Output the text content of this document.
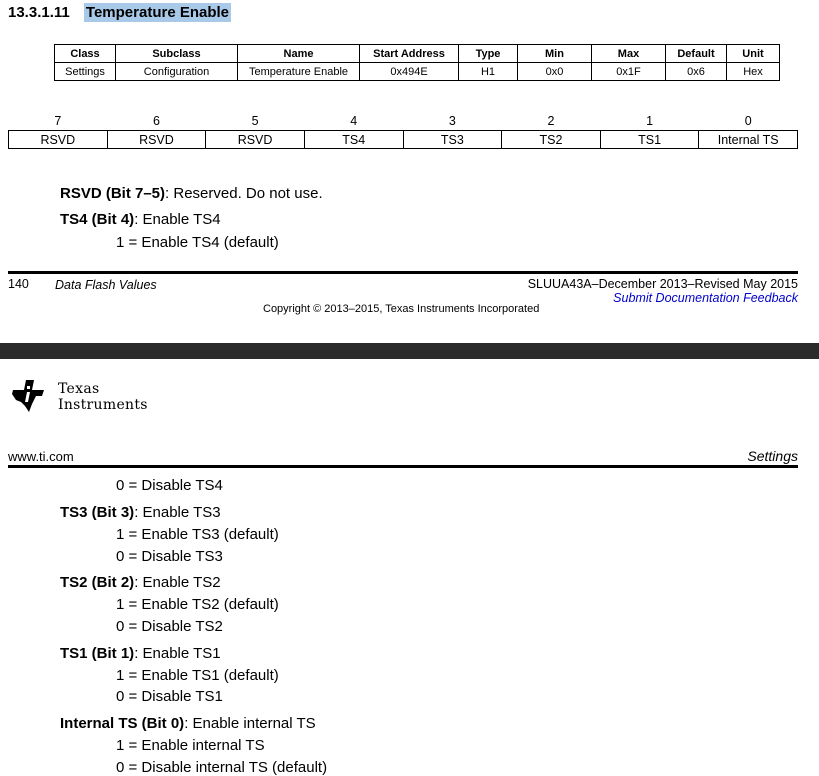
13.3.1.11 Temperature Enable
Class	Subclass	Name	Start Address	Type	Min	Max	Default	Unit
Settings	Configuration	Temperature Enable	0x494E	H1	0x0	0x1F	0x6	Hex
7	6	5	4	3	2	1	0
RSVD	RSVD	RSVD	TS4	TS3	TS2	TS1	Internal TS
RSVD (Bit 7–5): Reserved. Do not use.
TS4 (Bit 4): Enable TS4
1 = Enable TS4 (default)
140 Data Flash Values	SLUUA43A–December 2013–Revised May 2015
Submit Documentation Feedback
Copyright © 2013–2015, Texas Instruments Incorporated
Texas
Instruments
www.ti.com	Settings
0 = Disable TS4
TS3 (Bit 3): Enable TS3
1 = Enable TS3 (default)
0 = Disable TS3
TS2 (Bit 2): Enable TS2
1 = Enable TS2 (default)
0 = Disable TS2
TS1 (Bit 1): Enable TS1
1 = Enable TS1 (default)
0 = Disable TS1
Internal TS (Bit 0): Enable internal TS
1 = Enable internal TS
0 = Disable internal TS (default)
